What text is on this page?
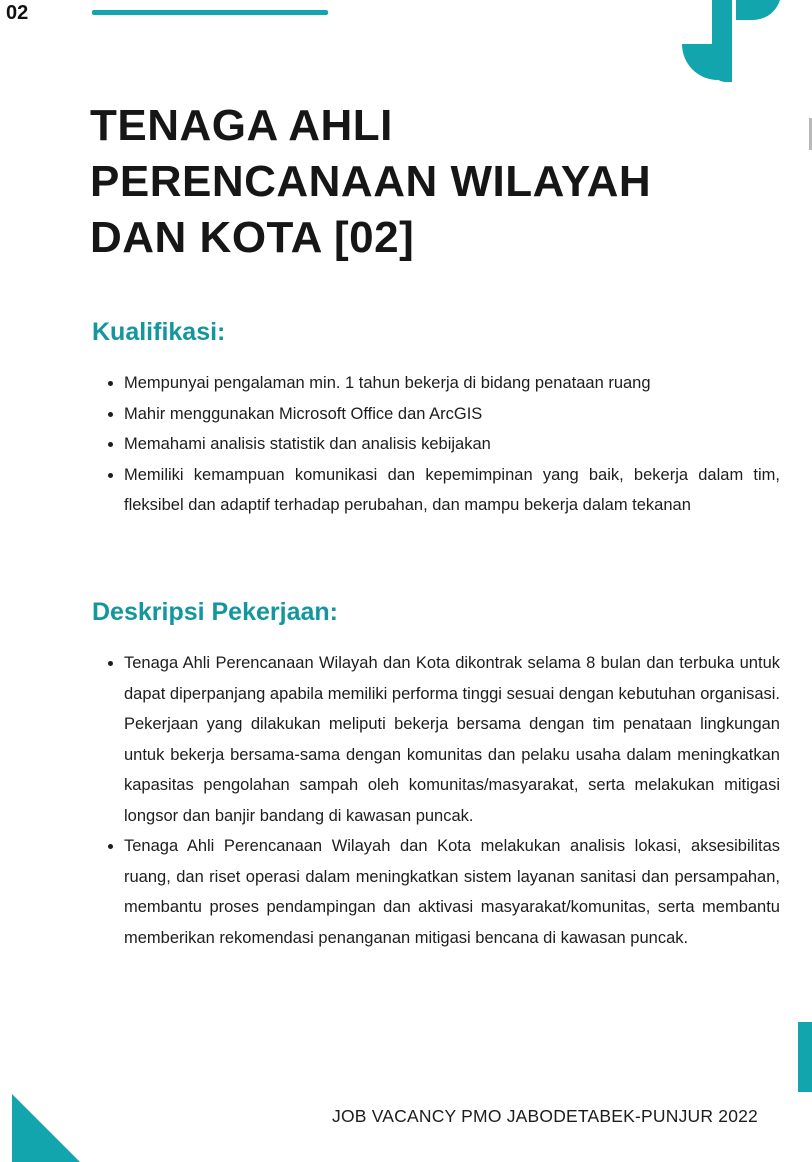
02
TENAGA AHLI
PERENCANAAN WILAYAH
DAN KOTA [02]
Kualifikasi:
• Mempunyai pengalaman min. 1 tahun bekerja di bidang penataan ruang
• Mahir menggunakan Microsoft Office dan ArcGIS
• Memahami analisis statistik dan analisis kebijakan
• Memiliki kemampuan komunikasi dan kepemimpinan yang baik, bekerja dalam tim, fleksibel dan adaptif terhadap perubahan, dan mampu bekerja dalam tekanan
Deskripsi Pekerjaan:
• Tenaga Ahli Perencanaan Wilayah dan Kota dikontrak selama 8 bulan dan terbuka untuk dapat diperpanjang apabila memiliki performa tinggi sesuai dengan kebutuhan organisasi. Pekerjaan yang dilakukan meliputi bekerja bersama dengan tim penataan lingkungan untuk bekerja bersama-sama dengan komunitas dan pelaku usaha dalam meningkatkan kapasitas pengolahan sampah oleh komunitas/masyarakat, serta melakukan mitigasi longsor dan banjir bandang di kawasan puncak.
• Tenaga Ahli Perencanaan Wilayah dan Kota melakukan analisis lokasi, aksesibilitas ruang, dan riset operasi dalam meningkatkan sistem layanan sanitasi dan persampahan, membantu proses pendampingan dan aktivasi masyarakat/komunitas, serta membantu memberikan rekomendasi penanganan mitigasi bencana di kawasan puncak.
JOB VACANCY PMO JABODETABEK-PUNJUR 2022
